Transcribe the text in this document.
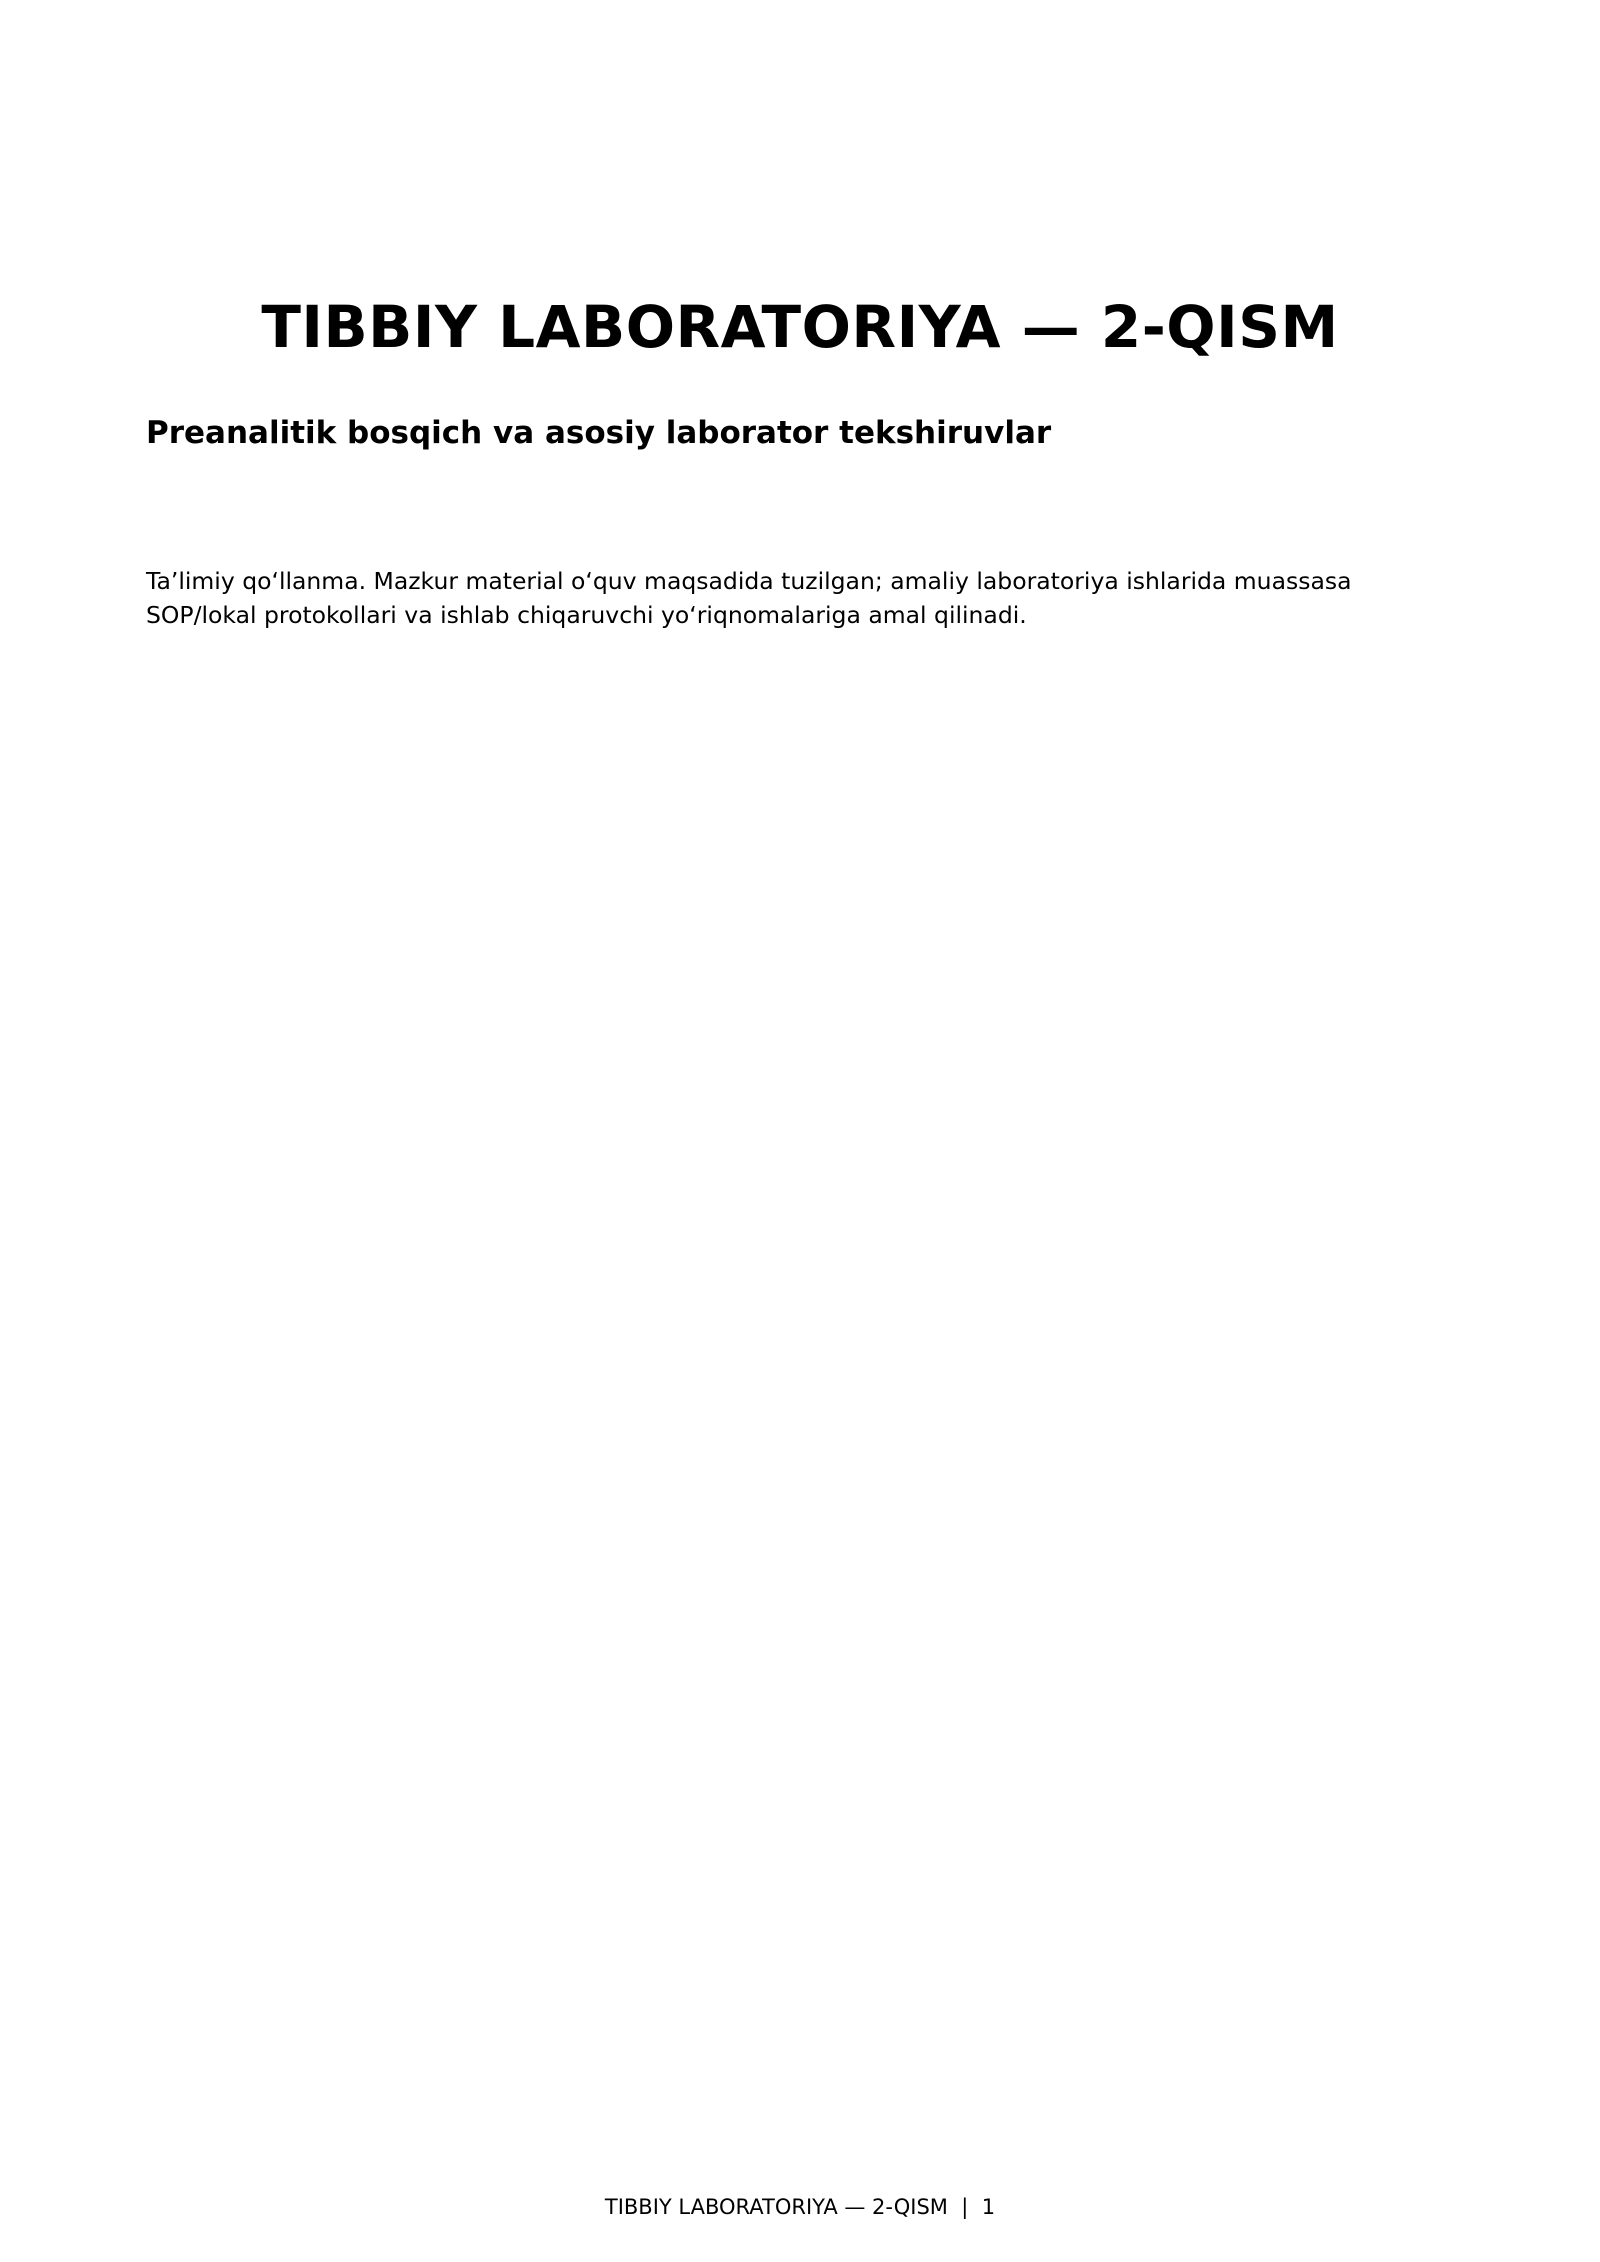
TIBBIY LABORATORIYA — 2-QISM
Preanalitik bosqich va asosiy laborator tekshiruvlar

Ta’limiy qo‘llanma. Mazkur material o‘quv maqsadida tuzilgan; amaliy laboratoriya ishlarida muassasa SOP/lokal protokollari va ishlab chiqaruvchi yo‘riqnomalariga amal qilinadi.

TIBBIY LABORATORIYA — 2-QISM | 1
